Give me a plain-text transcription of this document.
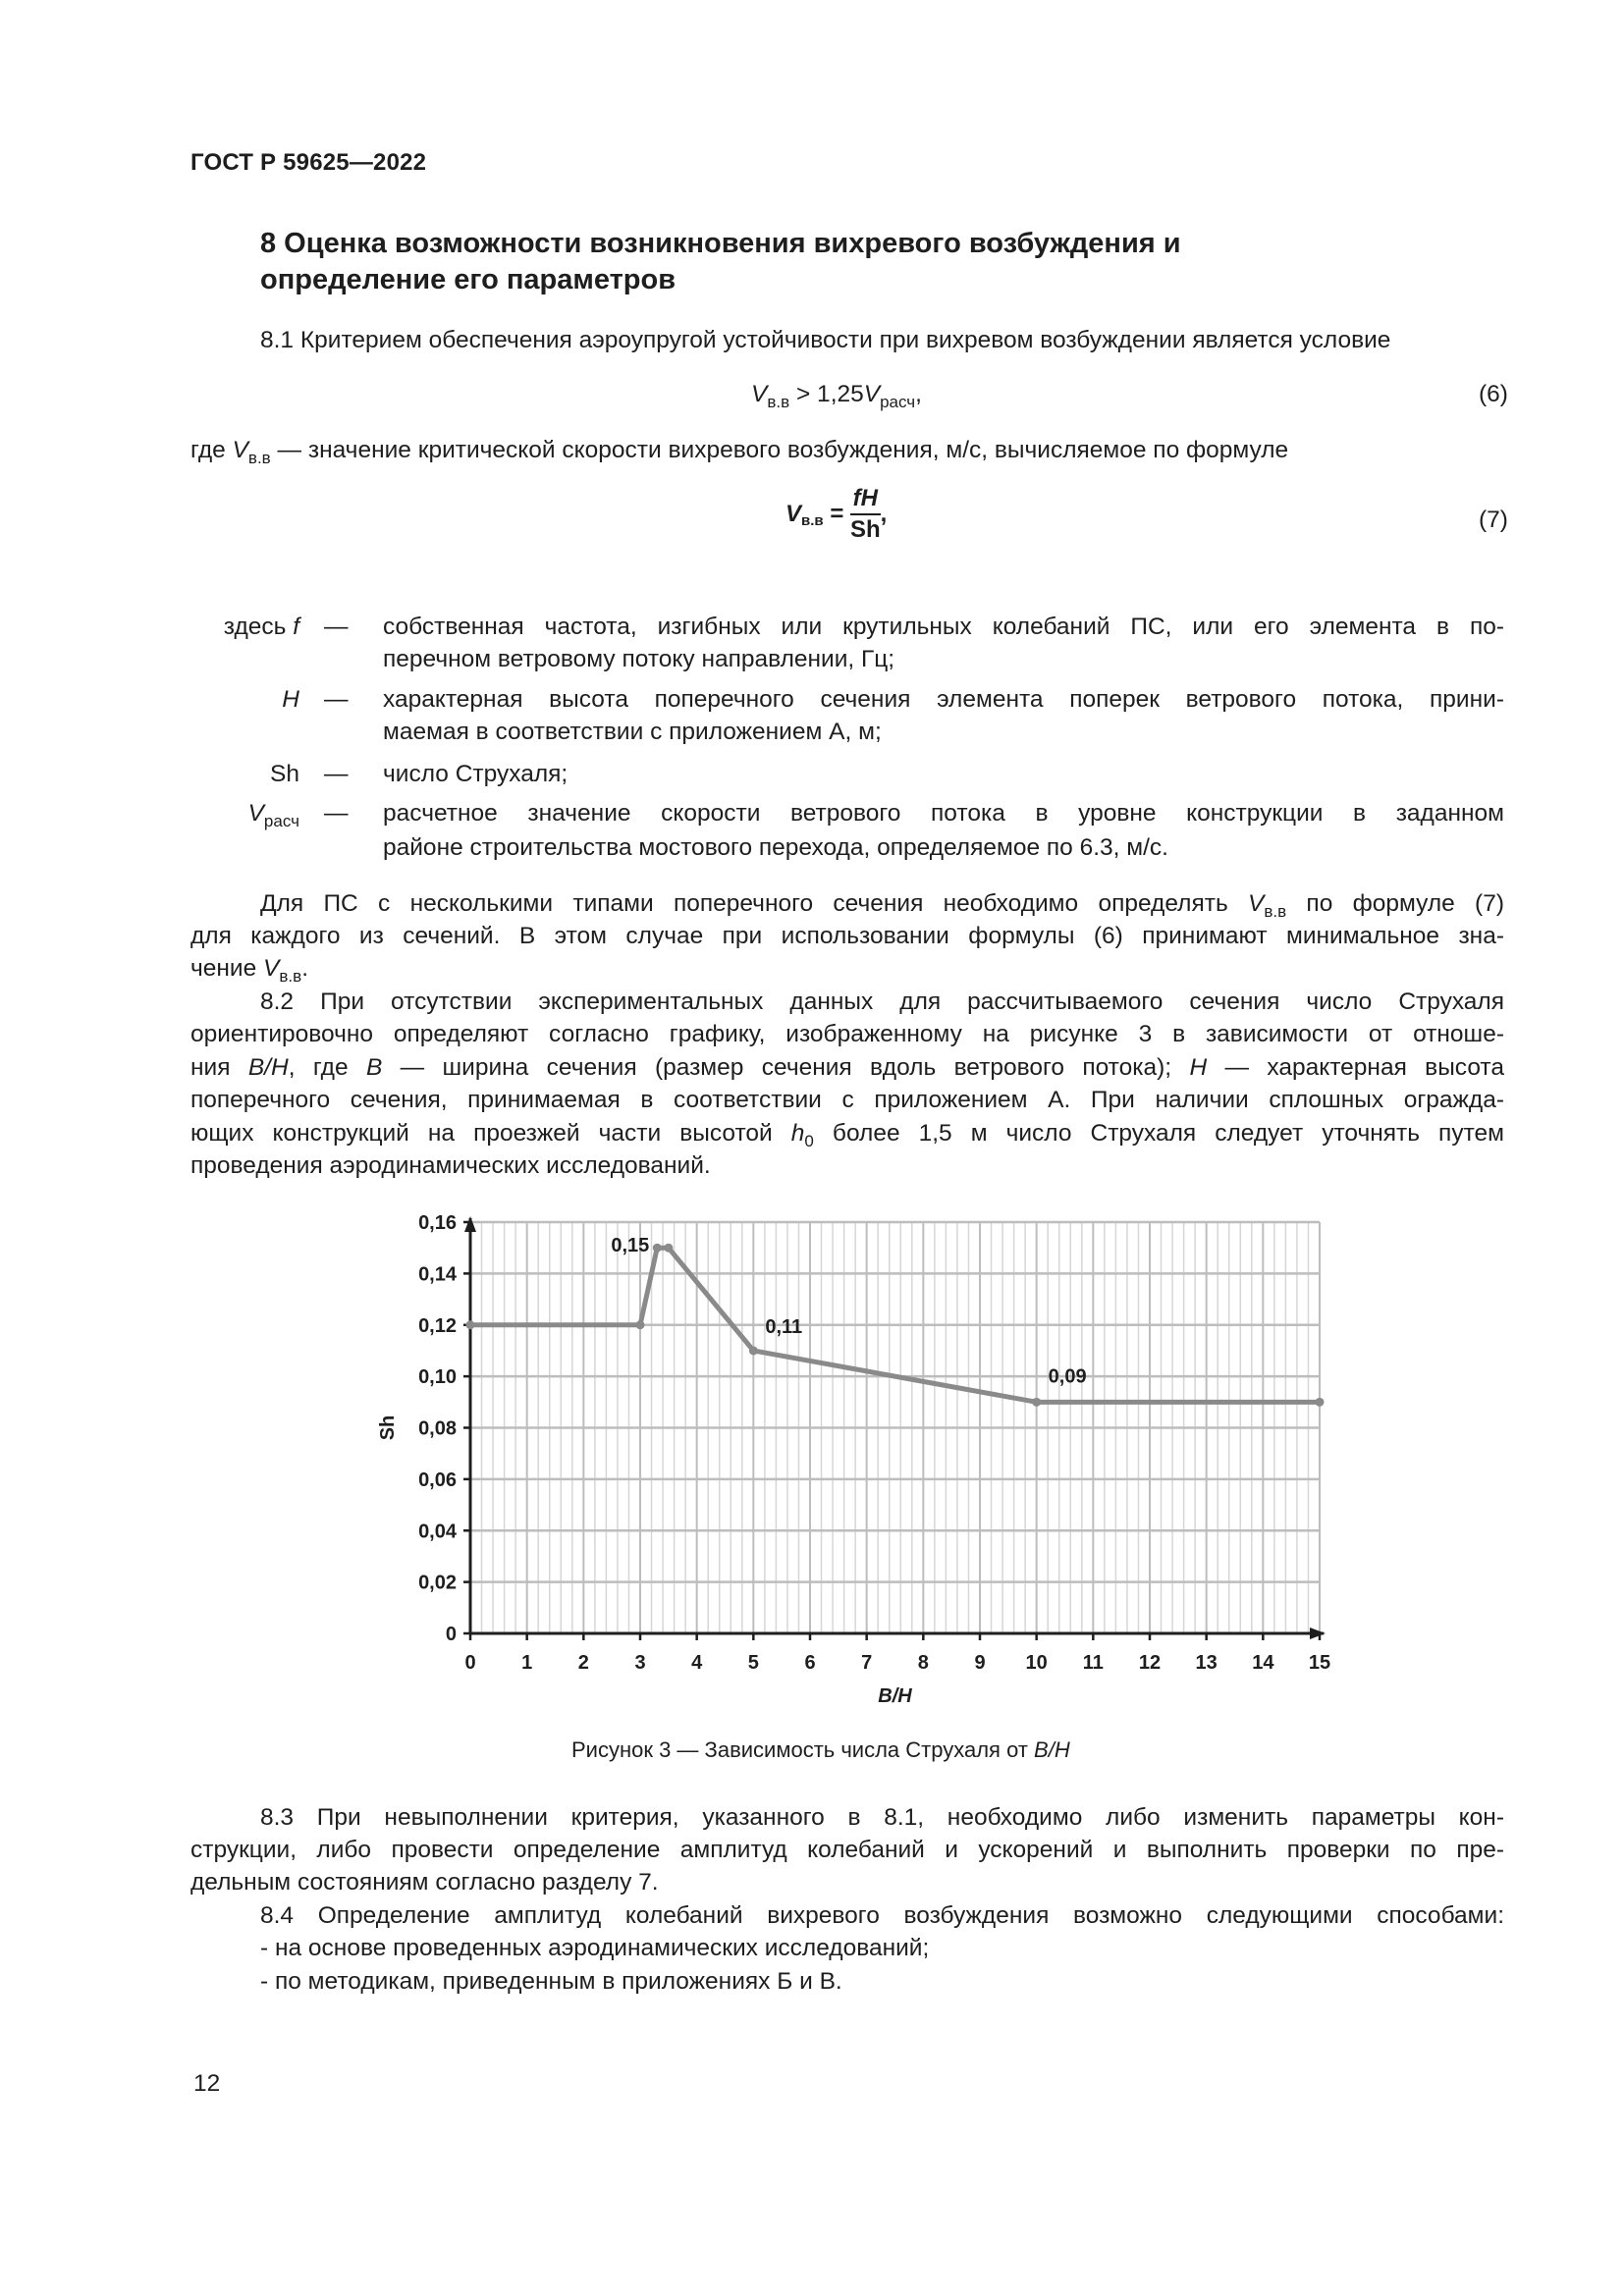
ГОСТ Р 59625—2022
8 Оценка возможности возникновения вихревого возбуждения и
определение его параметров
8.1 Критерием обеспечения аэроупругой устойчивости при вихревом возбуждении является условие
$V_{в.в} > 1,25V_{расч}$,	(6)
где $V_{в.в}$ — значение критической скорости вихревого возбуждения, м/с, вычисляемое по формуле
$V_{в.в} = \frac{fH}{Sh}$ ,	(7)
здесь f — собственная частота, изгибных или крутильных колебаний ПС, или его элемента в по-
перечном ветровому потоку направлении, Гц;
H — характерная высота поперечного сечения элемента поперек ветрового потока, прини-
маемая в соответствии с приложением А, м;
Sh — число Струхаля;
$V_{расч}$ — расчетное значение скорости ветрового потока в уровне конструкции в заданном
районе строительства мостового перехода, определяемое по 6.3, м/с.
Для ПС с несколькими типами поперечного сечения необходимо определять $V_{в.в}$ по формуле (7)
для каждого из сечений. В этом случае при использовании формулы (6) принимают минимальное зна-
чение $V_{в.в}$.
8.2 При отсутствии экспериментальных данных для рассчитываемого сечения число Струхаля
ориентировочно определяют согласно графику, изображенному на рисунке 3 в зависимости от отноше-
ния B/H, где B — ширина сечения (размер сечения вдоль ветрового потока); H — характерная высота
поперечного сечения, принимаемая в соответствии с приложением А. При наличии сплошных огражда-
ющих конструкций на проезжей части высотой $h_0$ более 1,5 м число Струхаля следует уточнять путем
проведения аэродинамических исследований.
0
0,02
0,04
0,06
0,08
0,10
0,12
0,14
0,16
0 1 2 3 4 5 6 7 8 9 10 11 12 13 14 15
0,15
0,11
0,09
Sh
B/H
Рисунок 3 — Зависимость числа Струхаля от B/H
8.3 При невыполнении критерия, указанного в 8.1, необходимо либо изменить параметры кон-
струкции, либо провести определение амплитуд колебаний и ускорений и выполнить проверки по пре-
дельным состояниям согласно разделу 7.
8.4 Определение амплитуд колебаний вихревого возбуждения возможно следующими способами:
- на основе проведенных аэродинамических исследований;
- по методикам, приведенным в приложениях Б и В.
12
